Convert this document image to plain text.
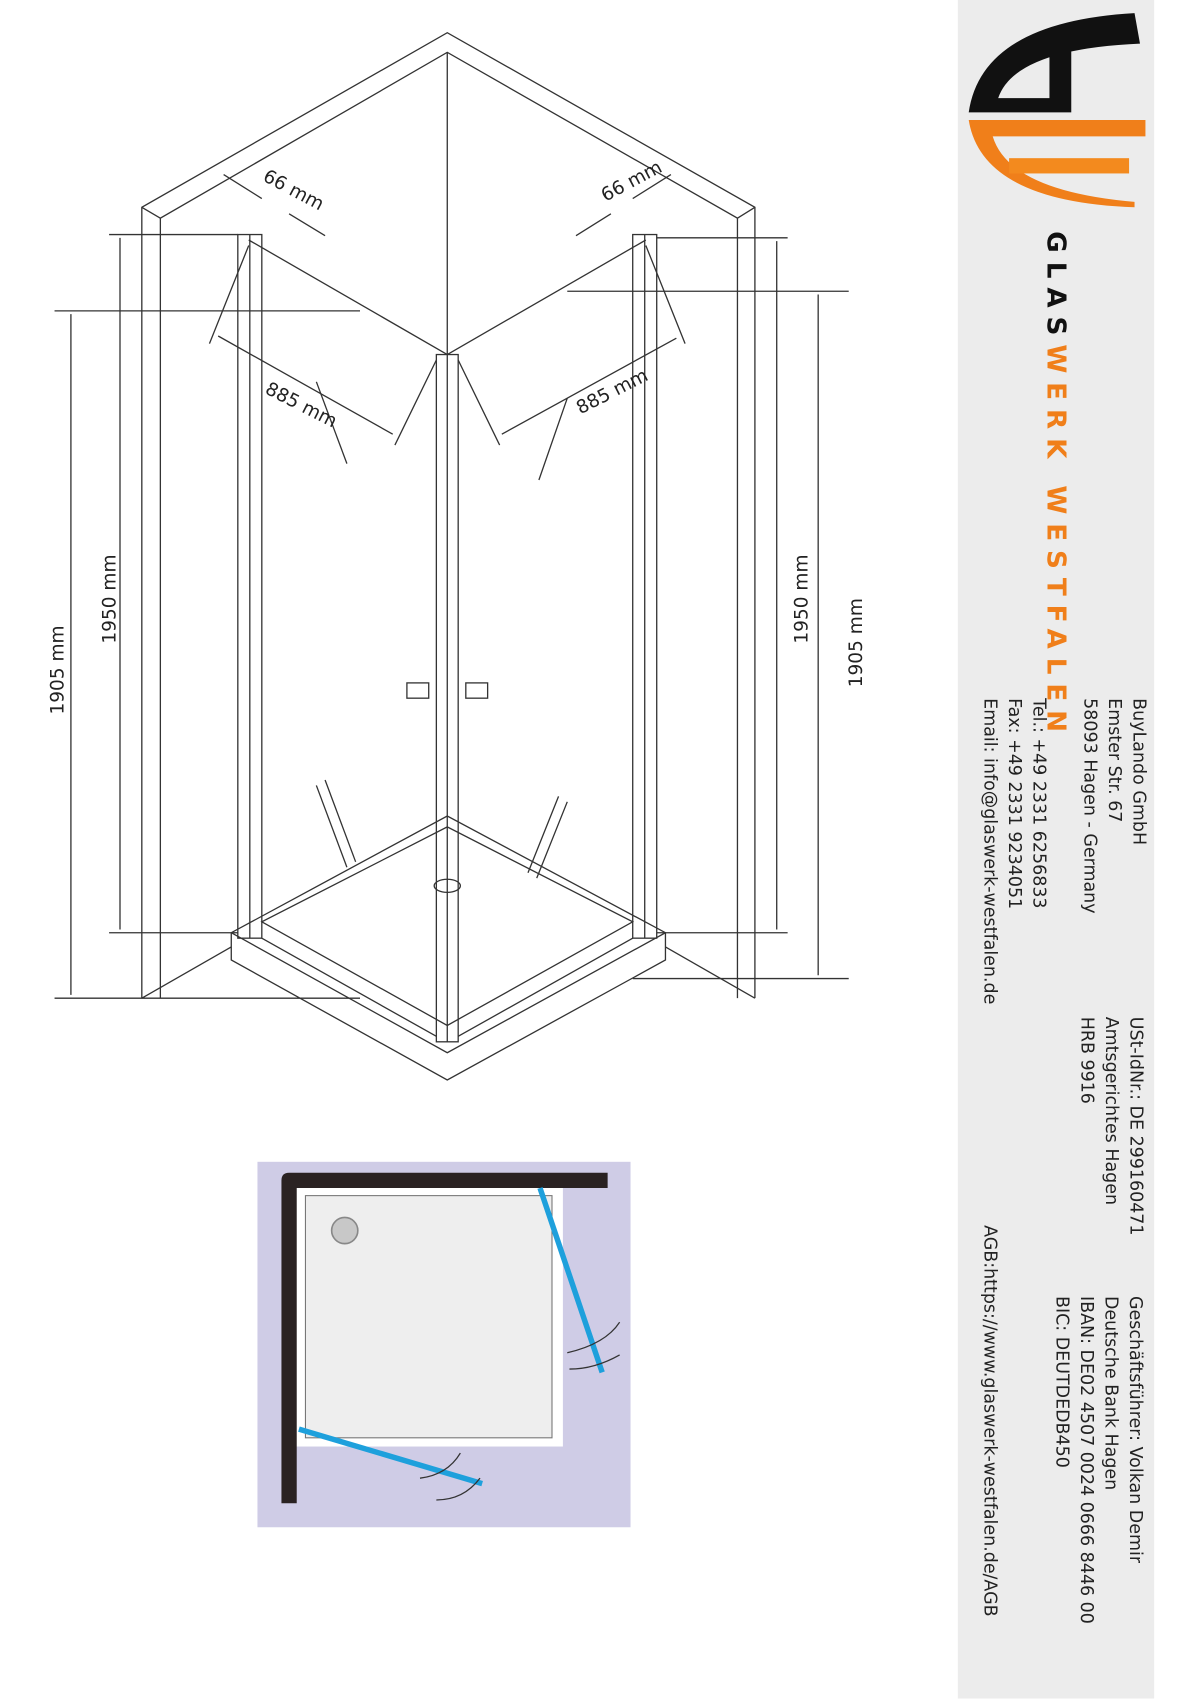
66 mm	66 mm
885 mm	885 mm
1950 mm
1905 mm
1950 mm 1905 mm
GLASWERK WESTFALEN
BuyLando GmbH
Emster Str. 67
58093 Hagen - Germany
Tel.: +49 2331 6256833
Fax: +49 2331 9234051
Email: info@glaswerk-westfalen.de
USt-IdNr.: DE 299160471
Amtsgerichtes Hagen
HRB 9916
Geschäftsführer: Volkan Demir
Deutsche Bank Hagen
IBAN: DE02 4507 0024 0666 8446 00
BIC: DEUTDEDB450
AGB:https://www.glaswerk-westfalen.de/AGB
